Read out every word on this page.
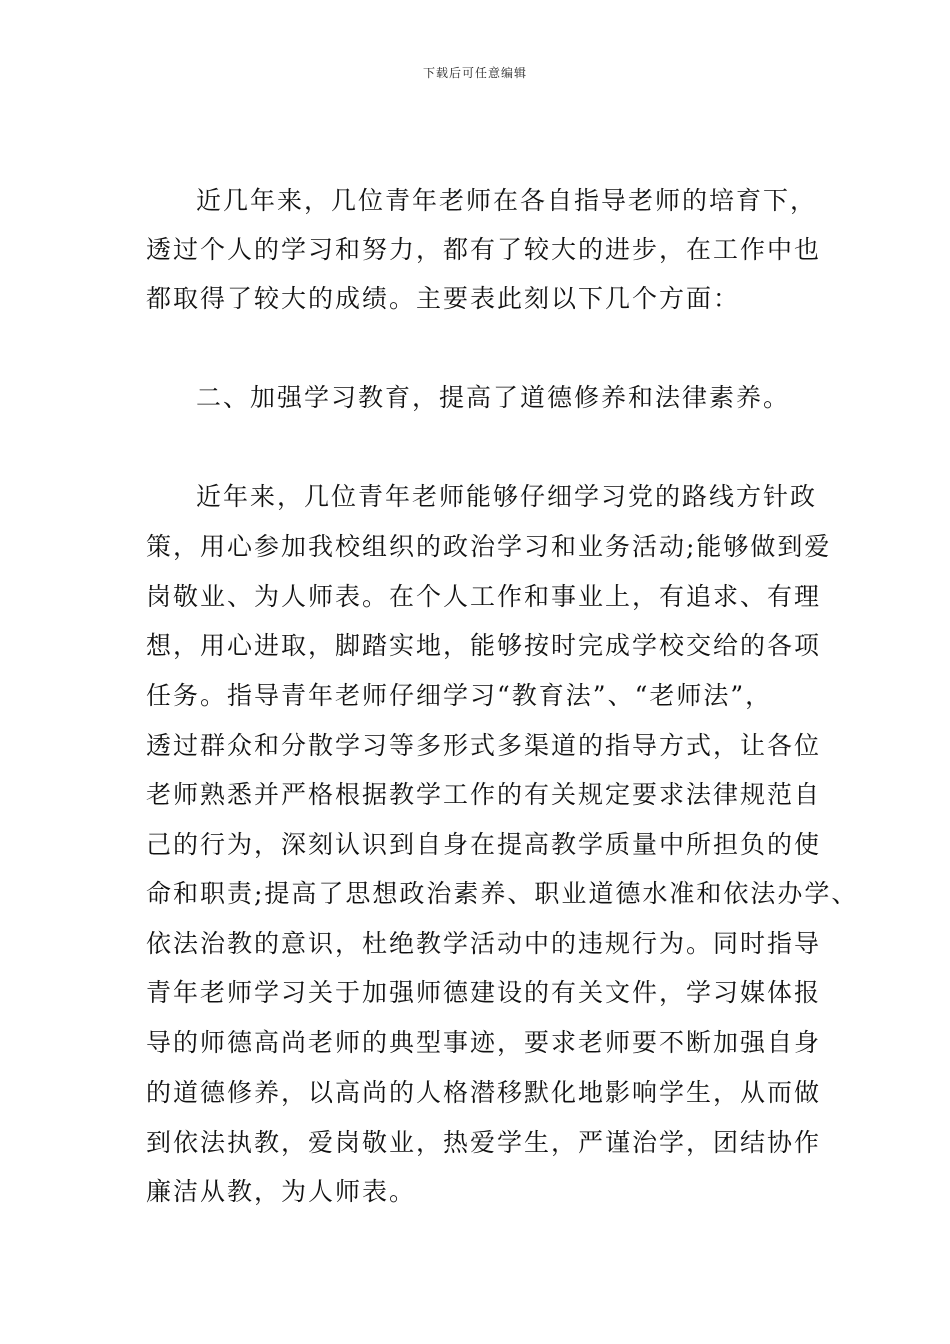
下载后可任意编辑
近几年来，几位青年老师在各自指导老师的培育下，
透过个人的学习和努力，都有了较大的进步，在工作中也
都取得了较大的成绩。主要表此刻以下几个方面：
二、加强学习教育，提高了道德修养和法律素养。
近年来，几位青年老师能够仔细学习党的路线方针政
策，用心参加我校组织的政治学习和业务活动;能够做到爱
岗敬业、为人师表。在个人工作和事业上，有追求、有理
想，用心进取，脚踏实地，能够按时完成学校交给的各项
任务。指导青年老师仔细学习“教育法”、“老师法”，
透过群众和分散学习等多形式多渠道的指导方式，让各位
老师熟悉并严格根据教学工作的有关规定要求法律规范自
己的行为，深刻认识到自身在提高教学质量中所担负的使
命和职责;提高了思想政治素养、职业道德水准和依法办学、
依法治教的意识，杜绝教学活动中的违规行为。同时指导
青年老师学习关于加强师德建设的有关文件，学习媒体报
导的师德高尚老师的典型事迹，要求老师要不断加强自身
的道德修养，以高尚的人格潜移默化地影响学生，从而做
到依法执教，爱岗敬业，热爱学生，严谨治学，团结协作
廉洁从教，为人师表。
